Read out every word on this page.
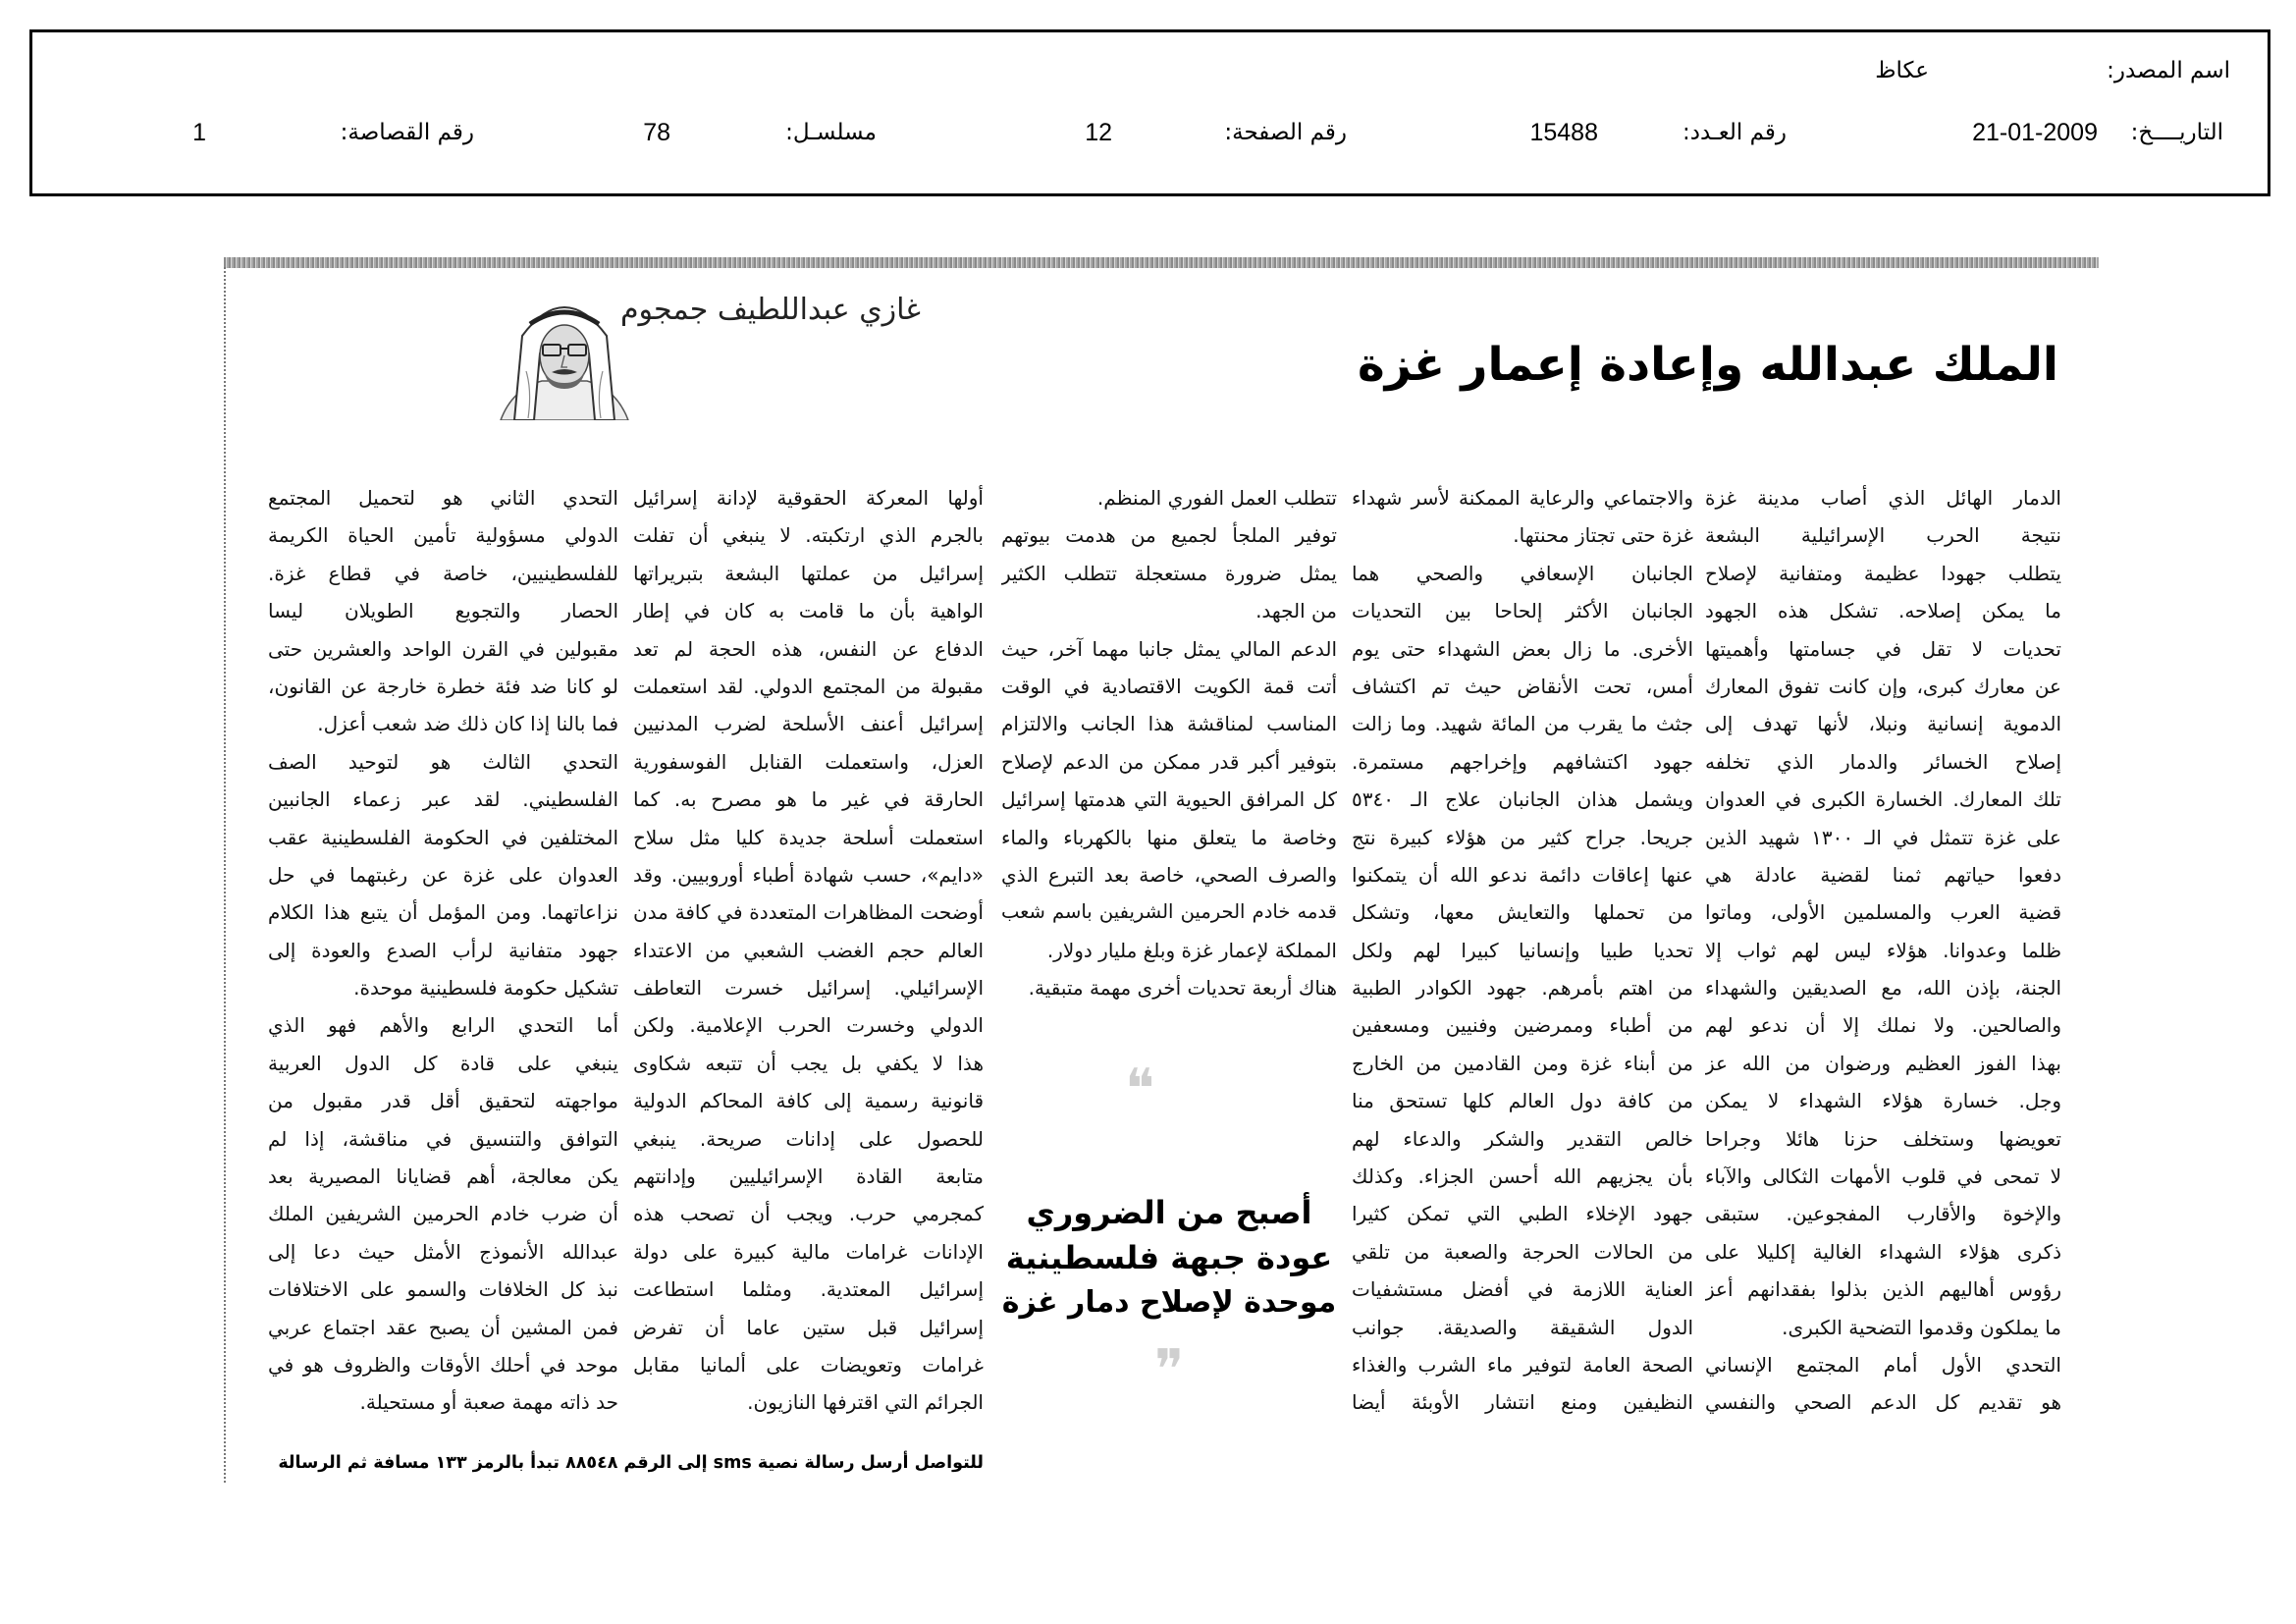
اسم المصدر:
عكاظ
التاريــــخ:
21-01-2009
رقم العـدد:
15488
رقم الصفحة:
12
مسلسـل:
78
رقم القصاصة:
1
الملك عبدالله وإعادة إعمار غزة
غازي عبداللطيف جمجوم
الدمار الهائل الذي أصاب مدينة غزة
نتيجة الحرب الإسرائيلية البشعة
يتطلب جهودا عظيمة ومتفانية لإصلاح
ما يمكن إصلاحه. تشكل هذه الجهود
تحديات لا تقل في جسامتها وأهميتها
عن معارك كبرى، وإن كانت تفوق المعارك
الدموية إنسانية ونبلا، لأنها تهدف إلى
إصلاح الخسائر والدمار الذي تخلفه
تلك المعارك. الخسارة الكبرى في العدوان
على غزة تتمثل في الـ ١٣٠٠ شهيد الذين
دفعوا حياتهم ثمنا لقضية عادلة هي
قضية العرب والمسلمين الأولى، وماتوا
ظلما وعدوانا. هؤلاء ليس لهم ثواب إلا
الجنة، بإذن الله، مع الصديقين والشهداء
والصالحين. ولا نملك إلا أن ندعو لهم
بهذا الفوز العظيم ورضوان من الله عز
وجل. خسارة هؤلاء الشهداء لا يمكن
تعويضها وستخلف حزنا هائلا وجراحا
لا تمحى في قلوب الأمهات الثكالى والآباء
والإخوة والأقارب المفجوعين. ستبقى
ذكرى هؤلاء الشهداء الغالية إكليلا على
رؤوس أهاليهم الذين بذلوا بفقدانهم أعز
ما يملكون وقدموا التضحية الكبرى.
التحدي الأول أمام المجتمع الإنساني
هو تقديم كل الدعم الصحي والنفسي
والاجتماعي والرعاية الممكنة لأسر شهداء
غزة حتى تجتاز محنتها.
الجانبان الإسعافي والصحي هما
الجانبان الأكثر إلحاحا بين التحديات
الأخرى. ما زال بعض الشهداء حتى يوم
أمس، تحت الأنقاض حيث تم اكتشاف
جثث ما يقرب من المائة شهيد. وما زالت
جهود اكتشافهم وإخراجهم مستمرة.
ويشمل هذان الجانبان علاج الـ ٥٣٤٠
جريحا. جراح كثير من هؤلاء كبيرة نتج
عنها إعاقات دائمة ندعو الله أن يتمكنوا
من تحملها والتعايش معها، وتشكل
تحديا طبيا وإنسانيا كبيرا لهم ولكل
من اهتم بأمرهم. جهود الكوادر الطبية
من أطباء وممرضين وفنيين ومسعفين
من أبناء غزة ومن القادمين من الخارج
من كافة دول العالم كلها تستحق منا
خالص التقدير والشكر والدعاء لهم
بأن يجزيهم الله أحسن الجزاء. وكذلك
جهود الإخلاء الطبي التي تمكن كثيرا
من الحالات الحرجة والصعبة من تلقي
العناية اللازمة في أفضل مستشفيات
الدول الشقيقة والصديقة. جوانب
الصحة العامة لتوفير ماء الشرب والغذاء
النظيفين ومنع انتشار الأوبئة أيضا
تتطلب العمل الفوري المنظم.
توفير الملجأ لجميع من هدمت بيوتهم
يمثل ضرورة مستعجلة تتطلب الكثير
من الجهد.
الدعم المالي يمثل جانبا مهما آخر، حيث
أتت قمة الكويت الاقتصادية في الوقت
المناسب لمناقشة هذا الجانب والالتزام
بتوفير أكبر قدر ممكن من الدعم لإصلاح
كل المرافق الحيوية التي هدمتها إسرائيل
وخاصة ما يتعلق منها بالكهرباء والماء
والصرف الصحي، خاصة بعد التبرع الذي
قدمه خادم الحرمين الشريفين باسم شعب
المملكة لإعمار غزة وبلغ مليار دولار.
هناك أربعة تحديات أخرى مهمة متبقية.
أولها المعركة الحقوقية لإدانة إسرائيل
بالجرم الذي ارتكبته. لا ينبغي أن تفلت
إسرائيل من عملتها البشعة بتبريراتها
الواهية بأن ما قامت به كان في إطار
الدفاع عن النفس، هذه الحجة لم تعد
مقبولة من المجتمع الدولي. لقد استعملت
إسرائيل أعنف الأسلحة لضرب المدنيين
العزل، واستعملت القنابل الفوسفورية
الحارقة في غير ما هو مصرح به. كما
استعملت أسلحة جديدة كليا مثل سلاح
«دايم»، حسب شهادة أطباء أوروبيين. وقد
أوضحت المظاهرات المتعددة في كافة مدن
العالم حجم الغضب الشعبي من الاعتداء
الإسرائيلي. إسرائيل خسرت التعاطف
الدولي وخسرت الحرب الإعلامية. ولكن
هذا لا يكفي بل يجب أن تتبعه شكاوى
قانونية رسمية إلى كافة المحاكم الدولية
للحصول على إدانات صريحة. ينبغي
متابعة القادة الإسرائيليين وإدانتهم
كمجرمي حرب. ويجب أن تصحب هذه
الإدانات غرامات مالية كبيرة على دولة
إسرائيل المعتدية. ومثلما استطاعت
إسرائيل قبل ستين عاما أن تفرض
غرامات وتعويضات على ألمانيا مقابل
الجرائم التي اقترفها النازيون.
التحدي الثاني هو لتحميل المجتمع
الدولي مسؤولية تأمين الحياة الكريمة
للفلسطينيين، خاصة في قطاع غزة.
الحصار والتجويع الطويلان ليسا
مقبولين في القرن الواحد والعشرين حتى
لو كانا ضد فئة خطرة خارجة عن القانون،
فما بالنا إذا كان ذلك ضد شعب أعزل.
التحدي الثالث هو لتوحيد الصف
الفلسطيني. لقد عبر زعماء الجانبين
المختلفين في الحكومة الفلسطينية عقب
العدوان على غزة عن رغبتهما في حل
نزاعاتهما. ومن المؤمل أن يتبع هذا الكلام
جهود متفانية لرأب الصدع والعودة إلى
تشكيل حكومة فلسطينية موحدة.
أما التحدي الرابع والأهم فهو الذي
ينبغي على قادة كل الدول العربية
مواجهته لتحقيق أقل قدر مقبول من
التوافق والتنسيق في مناقشة، إذا لم
يكن معالجة، أهم قضايانا المصيرية بعد
أن ضرب خادم الحرمين الشريفين الملك
عبدالله الأنموذج الأمثل حيث دعا إلى
نبذ كل الخلافات والسمو على الاختلافات
فمن المشين أن يصبح عقد اجتماع عربي
موحد في أحلك الأوقات والظروف هو في
حد ذاته مهمة صعبة أو مستحيلة.
❝
أصبح من الضروري
عودة جبهة فلسطينية
موحدة لإصلاح دمار غزة
❞
للتواصل أرسل رسالة نصية sms إلى الرقم ٨٨٥٤٨ تبدأ بالرمز ١٣٣ مسافة ثم الرسالة
